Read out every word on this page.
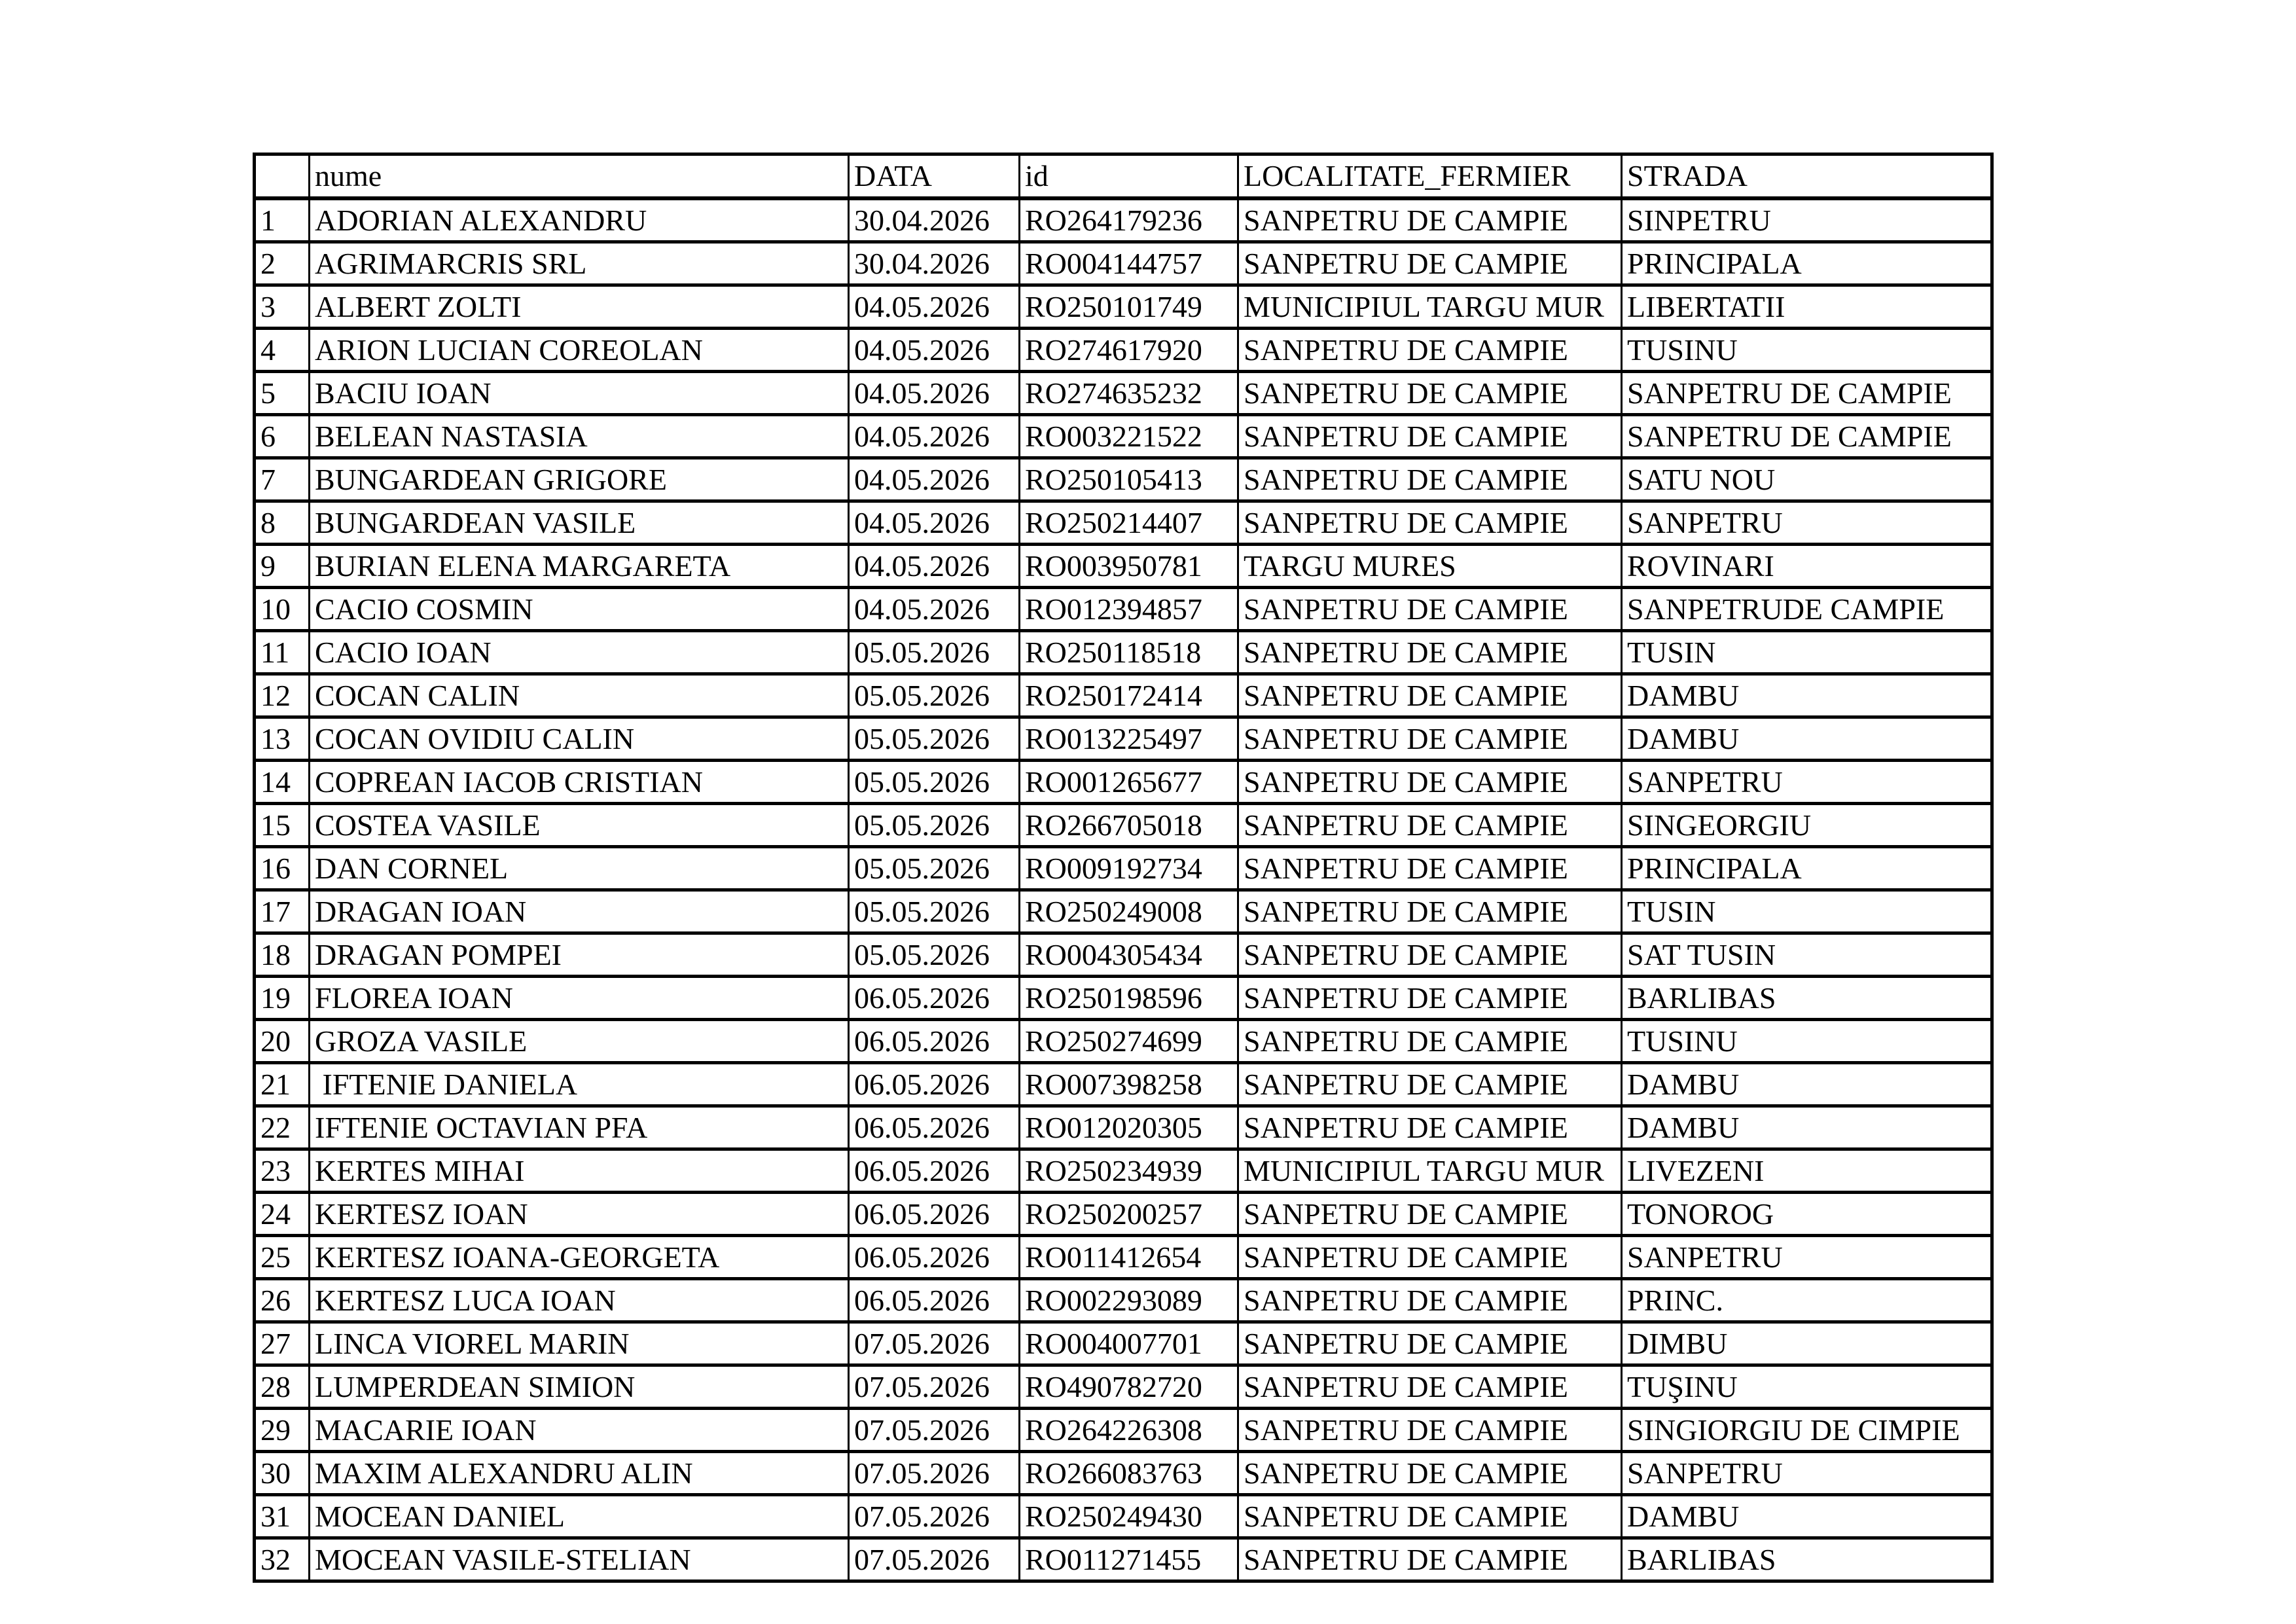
	nume	DATA	id	LOCALITATE_FERMIER	STRADA
1	ADORIAN ALEXANDRU	30.04.2026	RO264179236	SANPETRU DE CAMPIE	SINPETRU
2	AGRIMARCRIS SRL	30.04.2026	RO004144757	SANPETRU DE CAMPIE	PRINCIPALA
3	ALBERT ZOLTI	04.05.2026	RO250101749	MUNICIPIUL TARGU MUR	LIBERTATII
4	ARION LUCIAN COREOLAN	04.05.2026	RO274617920	SANPETRU DE CAMPIE	TUSINU
5	BACIU IOAN	04.05.2026	RO274635232	SANPETRU DE CAMPIE	SANPETRU DE CAMPIE
6	BELEAN NASTASIA	04.05.2026	RO003221522	SANPETRU DE CAMPIE	SANPETRU DE CAMPIE
7	BUNGARDEAN GRIGORE	04.05.2026	RO250105413	SANPETRU DE CAMPIE	SATU NOU
8	BUNGARDEAN VASILE	04.05.2026	RO250214407	SANPETRU DE CAMPIE	SANPETRU
9	BURIAN ELENA MARGARETA	04.05.2026	RO003950781	TARGU MURES	ROVINARI
10	CACIO COSMIN	04.05.2026	RO012394857	SANPETRU DE CAMPIE	SANPETRUDE CAMPIE
11	CACIO IOAN	05.05.2026	RO250118518	SANPETRU DE CAMPIE	TUSIN
12	COCAN CALIN	05.05.2026	RO250172414	SANPETRU DE CAMPIE	DAMBU
13	COCAN OVIDIU CALIN	05.05.2026	RO013225497	SANPETRU DE CAMPIE	DAMBU
14	COPREAN IACOB CRISTIAN	05.05.2026	RO001265677	SANPETRU DE CAMPIE	SANPETRU
15	COSTEA VASILE	05.05.2026	RO266705018	SANPETRU DE CAMPIE	SINGEORGIU
16	DAN CORNEL	05.05.2026	RO009192734	SANPETRU DE CAMPIE	PRINCIPALA
17	DRAGAN IOAN	05.05.2026	RO250249008	SANPETRU DE CAMPIE	TUSIN
18	DRAGAN POMPEI	05.05.2026	RO004305434	SANPETRU DE CAMPIE	SAT TUSIN
19	FLOREA IOAN	06.05.2026	RO250198596	SANPETRU DE CAMPIE	BARLIBAS
20	GROZA VASILE	06.05.2026	RO250274699	SANPETRU DE CAMPIE	TUSINU
21	IFTENIE DANIELA	06.05.2026	RO007398258	SANPETRU DE CAMPIE	DAMBU
22	IFTENIE OCTAVIAN PFA	06.05.2026	RO012020305	SANPETRU DE CAMPIE	DAMBU
23	KERTES MIHAI	06.05.2026	RO250234939	MUNICIPIUL TARGU MUR	LIVEZENI
24	KERTESZ IOAN	06.05.2026	RO250200257	SANPETRU DE CAMPIE	TONOROG
25	KERTESZ IOANA-GEORGETA	06.05.2026	RO011412654	SANPETRU DE CAMPIE	SANPETRU
26	KERTESZ LUCA IOAN	06.05.2026	RO002293089	SANPETRU DE CAMPIE	PRINC.
27	LINCA VIOREL MARIN	07.05.2026	RO004007701	SANPETRU DE CAMPIE	DIMBU
28	LUMPERDEAN SIMION	07.05.2026	RO490782720	SANPETRU DE CAMPIE	TUŞINU
29	MACARIE IOAN	07.05.2026	RO264226308	SANPETRU DE CAMPIE	SINGIORGIU DE CIMPIE
30	MAXIM ALEXANDRU ALIN	07.05.2026	RO266083763	SANPETRU DE CAMPIE	SANPETRU
31	MOCEAN DANIEL	07.05.2026	RO250249430	SANPETRU DE CAMPIE	DAMBU
32	MOCEAN VASILE-STELIAN	07.05.2026	RO011271455	SANPETRU DE CAMPIE	BARLIBAS
